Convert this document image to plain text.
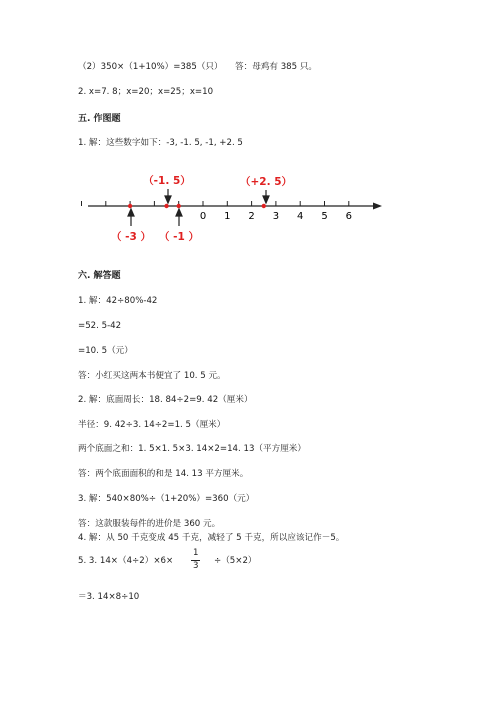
（2）350×（1+10%）=385（只） 答：母鸡有 385 只。
2. x=7. 8；x=20；x=25；x=10
五. 作图题
1. 解：这些数字如下：-3, -1. 5, -1, +2. 5
0 1 2 3 4 5 6
（-1. 5）	（+2. 5）
（ -3 ） （ -1 ）
六. 解答题
1. 解：42÷80%-42
=52. 5-42
=10. 5（元）
答：小红买这两本书便宜了 10. 5 元。
2. 解：底面周长：18. 84÷2=9. 42（厘米）
半径：9. 42÷3. 14÷2=1. 5（厘米）
两个底面之和：1. 5×1. 5×3. 14×2=14. 13（平方厘米）
答：两个底面面积的和是 14. 13 平方厘米。
3. 解：540×80%÷（1+20%）=360（元）
答：这款服装每件的进价是 360 元。
4. 解：从 50 千克变成 45 千克，减轻了 5 千克，所以应该记作－5。
5. 3. 14×（4÷2）×6×
1
3 ÷（5×2）
＝3. 14×8÷10
